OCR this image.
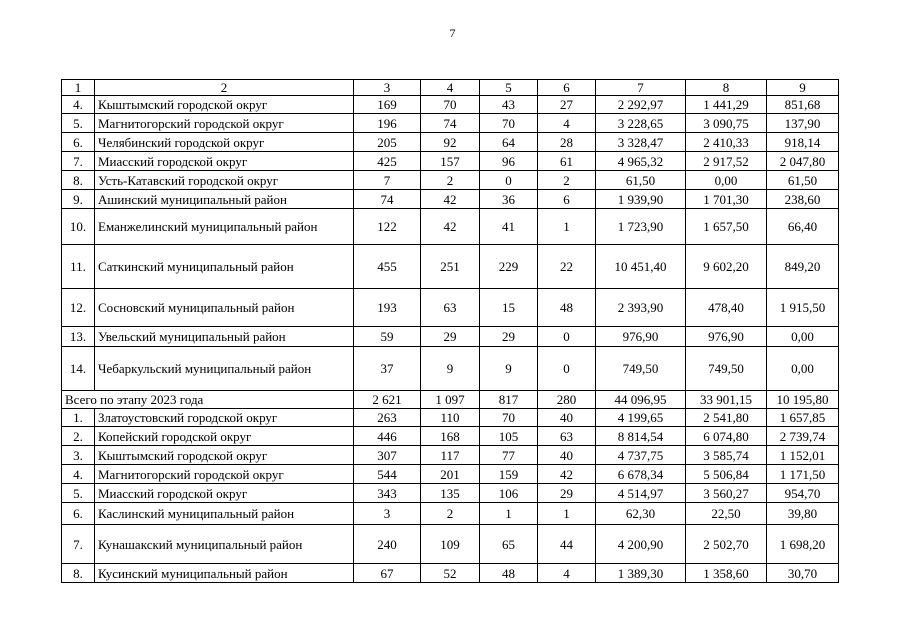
7
1	2	3	4	5	6	7	8	9
4.	Кыштымский городской округ	169	70	43	27	2 292,97	1 441,29	851,68
5.	Магнитогорский городской округ	196	74	70	4	3 228,65	3 090,75	137,90
6.	Челябинский городской округ	205	92	64	28	3 328,47	2 410,33	918,14
7.	Миасский городской округ	425	157	96	61	4 965,32	2 917,52	2 047,80
8.	Усть-Катавский городской округ	7	2	0	2	61,50	0,00	61,50
9.	Ашинский муниципальный район	74	42	36	6	1 939,90	1 701,30	238,60
10.	Еманжелинский муниципальный район	122	42	41	1	1 723,90	1 657,50	66,40
11.	Саткинский муниципальный район	455	251	229	22	10 451,40	9 602,20	849,20
12.	Сосновский муниципальный район	193	63	15	48	2 393,90	478,40	1 915,50
13.	Увельский муниципальный район	59	29	29	0	976,90	976,90	0,00
14.	Чебаркульский муниципальный район	37	9	9	0	749,50	749,50	0,00
Всего по этапу 2023 года		2 621	1 097	817	280	44 096,95	33 901,15	10 195,80
1.	Златоустовский городской округ	263	110	70	40	4 199,65	2 541,80	1 657,85
2.	Копейский городской округ	446	168	105	63	8 814,54	6 074,80	2 739,74
3.	Кыштымский городской округ	307	117	77	40	4 737,75	3 585,74	1 152,01
4.	Магнитогорский городской округ	544	201	159	42	6 678,34	5 506,84	1 171,50
5.	Миасский городской округ	343	135	106	29	4 514,97	3 560,27	954,70
6.	Каслинский муниципальный район	3	2	1	1	62,30	22,50	39,80
7.	Кунашакский муниципальный район	240	109	65	44	4 200,90	2 502,70	1 698,20
8.	Кусинский муниципальный район	67	52	48	4	1 389,30	1 358,60	30,70
